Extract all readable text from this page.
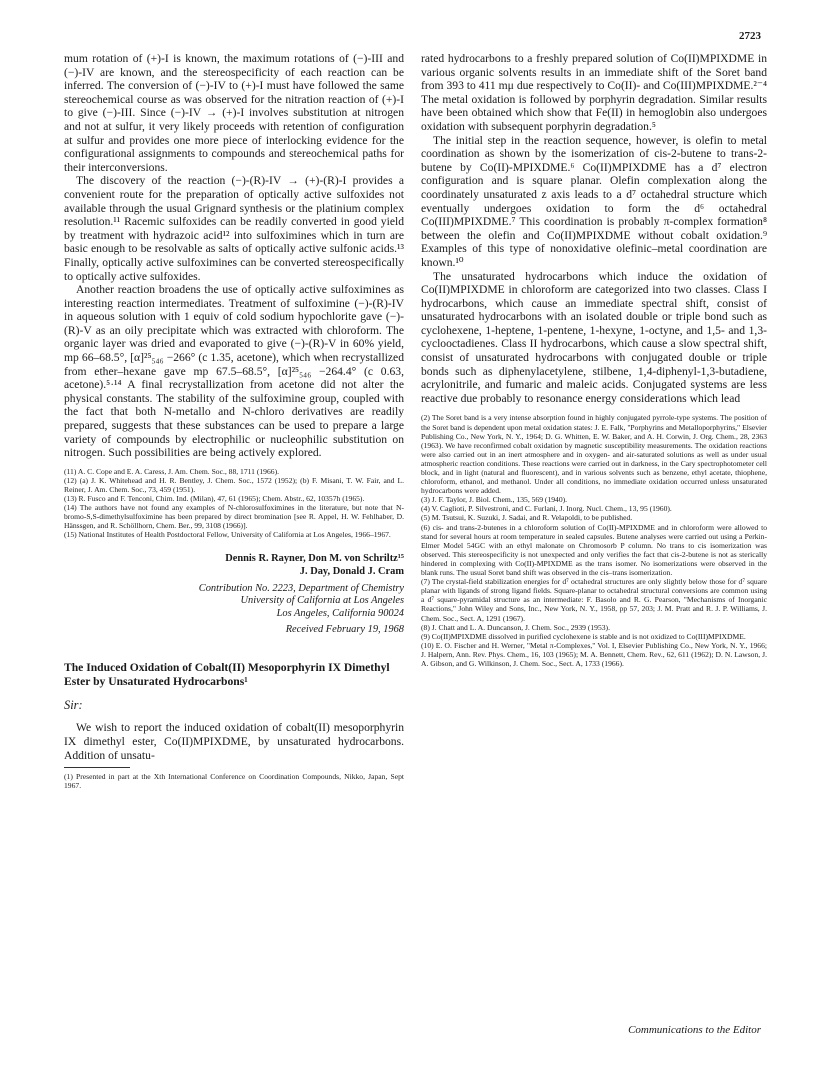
2723

mum rotation of (+)-I is known, the maximum rotations of (−)-III and (−)-IV are known, and the stereospecificity of each reaction can be inferred. The conversion of (−)-IV to (+)-I must have followed the same stereochemical course as was observed for the nitration reaction of (+)-I to give (−)-III. Since (−)-IV → (+)-I involves substitution at nitrogen and not at sulfur, it very likely proceeds with retention of configuration at sulfur and provides one more piece of interlocking evidence for the configurational assignments to compounds and stereochemical paths for their interconversions.

The discovery of the reaction (−)-(R)-IV → (+)-(R)-I provides a convenient route for the preparation of optically active sulfoxides not available through the usual Grignard synthesis or the platinium complex resolution.¹¹ Racemic sulfoxides can be readily converted in good yield by treatment with hydrazoic acid¹² into sulfoximines which in turn are basic enough to be resolvable as salts of optically active sulfonic acids.¹³ Finally, optically active sulfoximines can be converted stereospecifically to optically active sulfoxides.

Another reaction broadens the use of optically active sulfoximines as interesting reaction intermediates. Treatment of sulfoximine (−)-(R)-IV in aqueous solution with 1 equiv of cold sodium hypochlorite gave (−)-(R)-V as an oily precipitate which was extracted with chloroform. The organic layer was dried and evaporated to give (−)-(R)-V in 60% yield, mp 66–68.5°, [α]²⁵₅₄₆ −266° (c 1.35, acetone), which when recrystallized from ether–hexane gave mp 67.5–68.5°, [α]²⁵₅₄₆ −264.4° (c 0.63, acetone).⁵·¹⁴ A final recrystallization from acetone did not alter the physical constants. The stability of the sulfoximine group, coupled with the fact that both N-metallo and N-chloro derivatives are readily prepared, suggests that these substances can be used to prepare a large variety of compounds by electrophilic or nucleophilic substitution on nitrogen. Such possibilities are being actively explored.

(11) A. C. Cope and E. A. Caress, J. Am. Chem. Soc., 88, 1711 (1966).
(12) (a) J. K. Whitehead and H. R. Bentley, J. Chem. Soc., 1572 (1952); (b) F. Misani, T. W. Fair, and L. Reiner, J. Am. Chem. Soc., 73, 459 (1951).
(13) R. Fusco and F. Tenconi, Chim. Ind. (Milan), 47, 61 (1965); Chem. Abstr., 62, 10357h (1965).
(14) The authors have not found any examples of N-chlorosulfoximines in the literature, but note that N-bromo-S,S-dimethylsulfoximine has been prepared by direct bromination [see R. Appel, H. W. Fehlhaber, D. Hänssgen, and R. Schöllhorn, Chem. Ber., 99, 3108 (1966)].
(15) National Institutes of Health Postdoctoral Fellow, University of California at Los Angeles, 1966–1967.
Dennis R. Rayner, Don M. von Schriltz¹⁵
J. Day, Donald J. Cram
Contribution No. 2223, Department of Chemistry
University of California at Los Angeles
Los Angeles, California 90024
Received February 19, 1968
The Induced Oxidation of Cobalt(II) Mesoporphyrin IX Dimethyl Ester by Unsaturated Hydrocarbons¹
Sir:

We wish to report the induced oxidation of cobalt(II) mesoporphyrin IX dimethyl ester, Co(II)MPIXDME, by unsaturated hydrocarbons. Addition of unsatu-

(1) Presented in part at the Xth International Conference on Coordination Compounds, Nikko, Japan, Sept 1967.

rated hydrocarbons to a freshly prepared solution of Co(II)MPIXDME in various organic solvents results in an immediate shift of the Soret band from 393 to 411 mμ due respectively to Co(II)- and Co(III)MPIXDME.²⁻⁴ The metal oxidation is followed by porphyrin degradation. Similar results have been obtained which show that Fe(II) in hemoglobin also undergoes oxidation with subsequent porphyrin degradation.⁵

The initial step in the reaction sequence, however, is olefin to metal coordination as shown by the isomerization of cis-2-butene to trans-2-butene by Co(II)-MPIXDME.⁶ Co(II)MPIXDME has a d⁷ electron configuration and is square planar. Olefin complexation along the coordinately unsaturated z axis leads to a d⁷ octahedral structure which eventually undergoes oxidation to form the d⁶ octahedral Co(III)MPIXDME.⁷ This coordination is probably π-complex formation⁸ between the olefin and Co(II)MPIXDME without cobalt oxidation.⁹ Examples of this type of nonoxidative olefinic–metal coordination are known.¹⁰

The unsaturated hydrocarbons which induce the oxidation of Co(II)MPIXDME in chloroform are categorized into two classes. Class I hydrocarbons, which cause an immediate spectral shift, consist of unsaturated hydrocarbons with an isolated double or triple bond such as cyclohexene, 1-heptene, 1-pentene, 1-hexyne, 1-octyne, and 1,5- and 1,3-cyclooctadienes. Class II hydrocarbons, which cause a slow spectral shift, consist of unsaturated hydrocarbons with conjugated double or triple bonds such as diphenylacetylene, stilbene, 1,4-diphenyl-1,3-butadiene, acrylonitrile, and fumaric and maleic acids. Conjugated systems are less reactive due probably to resonance energy considerations which lead

(2) The Soret band is a very intense absorption found in highly conjugated pyrrole-type systems. The position of the Soret band is dependent upon metal oxidation states: J. E. Falk, "Porphyrins and Metalloporphyrins," Elsevier Publishing Co., New York, N. Y., 1964; D. G. Whitten, E. W. Baker, and A. H. Corwin, J. Org. Chem., 28, 2363 (1963). We have reconfirmed cobalt oxidation by magnetic susceptibility measurements. The oxidation reactions were also carried out in an inert atmosphere and in oxygen- and air-saturated solutions as well as under usual atmospheric reaction conditions. These reactions were carried out in darkness, in the Cary spectrophotometer cell block, and in light (natural and fluorescent), and in various solvents such as benzene, ethyl acetate, thiophene, chloroform, ethanol, and methanol. Under all conditions, no immediate oxidation occurred unless unsaturated hydrocarbons were added.
(3) J. F. Taylor, J. Biol. Chem., 135, 569 (1940).
(4) V. Caglioti, P. Silvestroni, and C. Furlani, J. Inorg. Nucl. Chem., 13, 95 (1960).
(5) M. Tsutsui, K. Suzuki, J. Sadai, and R. Velapoldi, to be published.
(6) cis- and trans-2-butenes in a chloroform solution of Co(II)-MPIXDME and in chloroform were allowed to stand for several hours at room temperature in sealed capsules. Butene analyses were carried out using a Perkin-Elmer Model 54GC with an ethyl malonate on Chromosorb P column. No trans to cis isomerization was observed. This stereospecificity is not unexpected and only verifies the fact that cis-2-butene is not as sterically hindered in complexing with Co(II)-MPIXDME as the trans isomer. No isomerizations were observed in the blank runs. The usual Soret band shift was observed in the cis–trans isomerization.
(7) The crystal-field stabilization energies for d⁷ octahedral structures are only slightly below those for d⁷ square planar with ligands of strong ligand fields. Square-planar to octahedral structural conversions are common using a d⁷ square-pyramidal structure as an intermediate: F. Basolo and R. G. Pearson, "Mechanisms of Inorganic Reactions," John Wiley and Sons, Inc., New York, N. Y., 1958, pp 57, 203; J. M. Pratt and R. J. P. Williams, J. Chem. Soc., Sect. A, 1291 (1967).
(8) J. Chatt and L. A. Duncanson, J. Chem. Soc., 2939 (1953).
(9) Co(II)MPIXDME dissolved in purified cyclohexene is stable and is not oxidized to Co(III)MPIXDME.
(10) E. O. Fischer and H. Werner, "Metal π-Complexes," Vol. I, Elsevier Publishing Co., New York, N. Y., 1966; J. Halpern, Ann. Rev. Phys. Chem., 16, 103 (1965); M. A. Bennett, Chem. Rev., 62, 611 (1962); D. N. Lawson, J. A. Gibson, and G. Wilkinson, J. Chem. Soc., Sect. A, 1733 (1966).
Communications to the Editor
